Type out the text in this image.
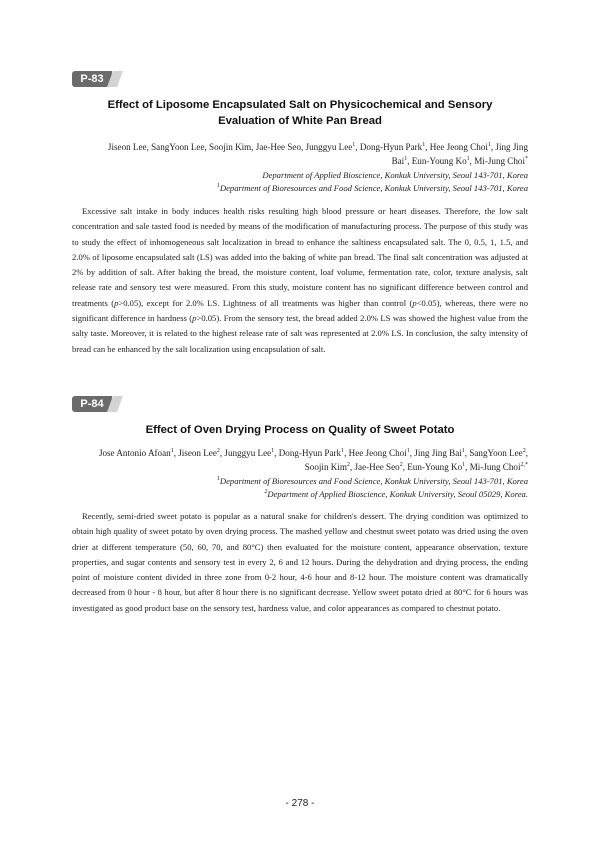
P-83
Effect of Liposome Encapsulated Salt on Physicochemical and Sensory
Evaluation of White Pan Bread
Jiseon Lee, SangYoon Lee, Soojin Kim, Jae-Hee Seo, Junggyu Lee$^1$, Dong-Hyun Park$^1$, Hee Jeong Choi$^1$, Jing Jing Bai$^1$, Eun-Young Ko$^1$, Mi-Jung Choi*
Department of Applied Bioscience, Konkuk University, Seoul 143-701, Korea
$^1$Department of Bioresources and Food Science, Konkuk University, Seoul 143-701, Korea

Excessive salt intake in body induces health risks resulting high blood pressure or heart diseases. Therefore, the low salt concentration and sale tasted food is needed by means of the modification of manufacturing process. The purpose of this study was to study the effect of inhomogeneous salt localization in bread to enhance the saltiness encapsulated salt. The 0, 0.5, 1, 1.5, and 2.0% of liposome encapsulated salt (LS) was added into the baking of white pan bread. The final salt concentration was adjusted at 2% by addition of salt. After baking the bread, the moisture content, loaf volume, fermentation rate, color, texture analysis, salt release rate and sensory test were measured. From this study, moisture content has no significant difference between control and treatments (p>0.05), except for 2.0% LS. Lightness of all treatments was higher than control (p<0.05), whereas, there were no significant difference in hardness (p>0.05). From the sensory test, the bread added 2.0% LS was showed the highest value from the salty taste. Moreover, it is related to the highest release rate of salt was represented at 2.0% LS. In conclusion, the salty intensity of bread can be enhanced by the salt localization using encapsulation of salt.

P-84
Effect of Oven Drying Process on Quality of Sweet Potato
Jose Antonio Afoan$^1$, Jiseon Lee$^2$, Junggyu Lee$^1$, Dong-Hyun Park$^1$, Hee Jeong Choi$^1$, Jing Jing Bai$^1$, SangYoon Lee$^2$, Soojin Kim$^2$, Jae-Hee Seo$^2$, Eun-Young Ko$^1$, Mi-Jung Choi$^{2,*}$
$^1$Department of Bioresources and Food Science, Konkuk University, Seoul 143-701, Korea
$^2$Department of Applied Bioscience, Konkuk University, Seoul 05029, Korea.

Recently, semi-dried sweet potato is popular as a natural snake for children's dessert. The drying condition was optimized to obtain high quality of sweet potato by oven drying process. The mashed yellow and chestnut sweet potato was dried using the oven drier at different temperature (50, 60, 70, and 80°C) then evaluated for the moisture content, appearance observation, texture properties, and sugar contents and sensory test in every 2, 6 and 12 hours. During the dehydration and drying process, the ending point of moisture content divided in three zone from 0-2 hour, 4-6 hour and 8-12 hour. The moisture content was dramatically decreased from 0 hour - 8 hour, but after 8 hour there is no significant decrease. Yellow sweet potato dried at 80°C for 6 hours was investigated as good product base on the sensory test, hardness value, and color appearances as compared to chestnut potato.

- 278 -
